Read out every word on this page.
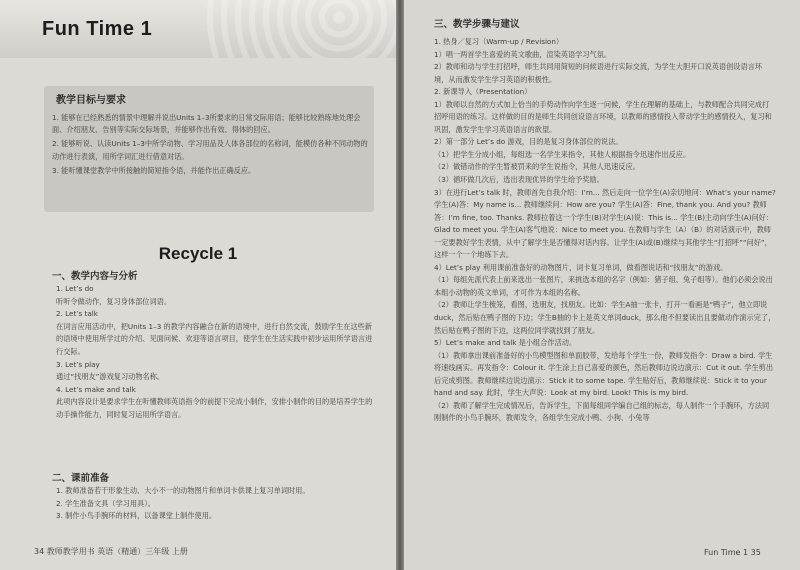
Fun Time 1
教学目标与要求

1. 能够在已经熟悉的情景中理解并说出Units 1–3所要求的日常交际用语；能够比较熟练地处理会面、介绍朋友、告别等实际交际场景，并能够作出有效、得体的回应。

2. 能够听说、认读Units 1–3中所学动物、学习用品及人体各部位的名称词，能模仿各种不同动物的动作进行表演，用所学词汇进行借意对话。

3. 能听懂课堂教学中所接触的简短指令语，并能作出正确反应。

Recycle 1
一、教学内容与分析

1. Let’s do

听听令做动作，复习身体部位词语。

2. Let’s talk

在词言应用活动中，把Units 1–3 的教学内容融合在新的语境中，进行自然交流，鼓励学生在这些新的语境中使用所学过的介绍、见面问候、欢迎等语言项目，使学生在生活实践中初步运用所学语言进行交际。

3. Let’s play

通过“找朋友”游戏复习动物名称。

4. Let’s make and talk

此项内容设计是要求学生在听懂教师英语指令的前提下完成小制作，安排小制作的目的是培养学生的动手操作能力，同时复习运用所学语言。

二、课前准备

1. 教师准备若干形象生动、大小不一的动物图片和单词卡供课上复习单词时用。

2. 学生准备文具（学习用具）。

3. 制作小鸟手腕环的材料，以备课堂上制作使用。

34 教师教学用书 英语（精通）三年级 上册
三、教学步骤与建议

1. 热身／复习（Warm-up / Revision）

1）唱一两首学生喜爱的英文歌曲，渲染英语学习气氛。

2）教师和动与学生打招呼，师生共同用简短的问候语进行实际交流，为学生大胆开口说英语创设语言环境，从而激发学生学习英语的积极性。

2. 新课导入（Presentation）

1）教师以自然的方式加上恰当的手势动作向学生逐一问候，学生在理解的基础上，与教师配合共同完成打招呼用语的练习。这样做的目的是师生共同创设语言环境，以教师的感情投入带动学生的感情投入，复习和巩固，激发学生学习英语语言的欲望。

2）第一部分 Let’s do 游戏，目的是复习身体部位的说法。

（1）把学生分成小组，每组选一名学生来指令，其他人根据指令迅速作出反应。

（2）做错动作的学生暂被罚来的学生说指令，其他人迅速反应。

（3）循环做几次后，选出表现优异的学生给予奖励。

3）在进行Let’s talk 时，教师首先自我介绍：I’m... 然后走向一位学生(A)亲切地问：What’s your name? 学生(A)答：My name is... 教师继续问：How are you? 学生(A)答：Fine, thank you. And you? 教师答：I’m fine, too. Thanks. 教师拉着这一个学生(B)对学生(A)说：This is... 学生(B)主动向学生(A)问好：Glad to meet you. 学生(A)客气地说：Nice to meet you. 在教师与学生（A）（B）的对话演示中，教师一定要教好学生表情，从中了解学生是否懂得对话内容。让学生(A)或(B)继续与其他学生“打招呼”“问好”，这样一个一个地练下去。

4）Let’s play 利用课前准备好的动物图片，词卡复习单词，做看图说话和“找朋友”的游戏。

（1）每组先派代表上前来选出一张图片，来挑选本组的名字（例如：猪子组、兔子组等）。他们必须会说出本组小动物的英文单词，才可作为本组的名称。

（2）教师让学生梳笼，看图，选朋友，找朋友。比如：学生A抽一张卡，打开一看画是“鸭子”，他立即说duck，然后贴在鸭子图的下边；学生B抽的卡上是英文单词duck，那么他不但要读出且要做动作演示完了，然后贴在鸭子图的下边，这两位同学就找到了朋友。

5）Let’s make and talk 是小组合作活动。

（1）教师拿出课前准备好的小鸟模型图和单面胶带，发给每个学生一份，教师发指令：Draw a bird. 学生将速线画实。再发指令：Colour it. 学生涂上自己喜爱的颜色，然后教师边说边演示：Cut it out. 学生剪出后完成剪图。教师继续边说边演示：Stick it to some tape. 学生贴好后，教师继续说：Stick it to your hand and say. 此时，学生大声说：Look at my bird. Look! This is my bird.

（2）教师了解学生完成情况后，告诉学生，下面每组同学编自己组的标志，每人制作一个手腕环，方法同刚制作的小鸟手腕环，教师发令，各组学生完成小鸭、小狗、小兔等

Fun Time 1 35
